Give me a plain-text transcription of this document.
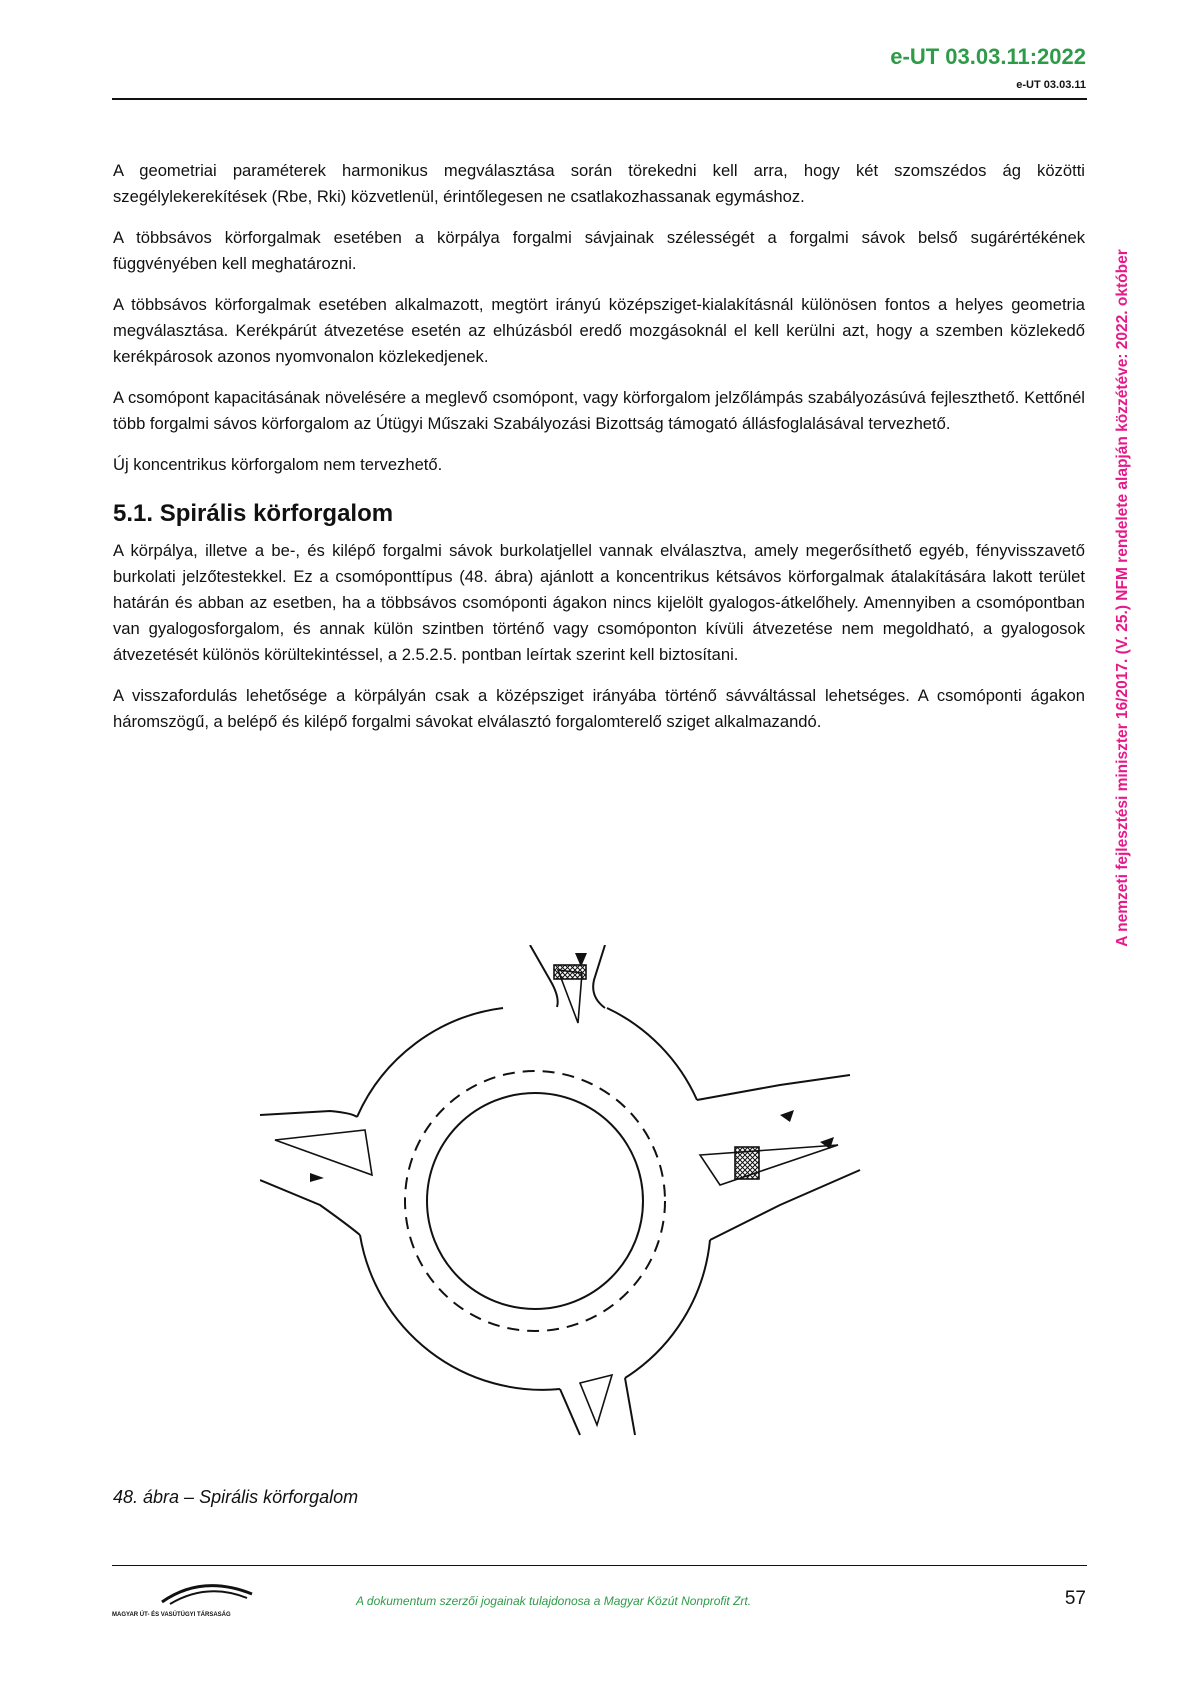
e-UT 03.03.11:2022
e-UT 03.03.11
A nemzeti fejlesztési miniszter 16/2017. (V. 25.) NFM rendelete alapján közzétéve: 2022. október

A geometriai paraméterek harmonikus megválasztása során törekedni kell arra, hogy két szomszédos ág közötti szegélylekerekítések (Rbe, Rki) közvetlenül, érintőlegesen ne csatlakozhassanak egymáshoz.

A többsávos körforgalmak esetében a körpálya forgalmi sávjainak szélességét a forgalmi sávok belső sugárértékének függvényében kell meghatározni.

A többsávos körforgalmak esetében alkalmazott, megtört irányú középsziget-kialakításnál különösen fontos a helyes geometria megválasztása. Kerékpárút átvezetése esetén az elhúzásból eredő mozgásoknál el kell kerülni azt, hogy a szemben közlekedő kerékpárosok azonos nyomvonalon közlekedjenek.

A csomópont kapacitásának növelésére a meglevő csomópont, vagy körforgalom jelzőlámpás szabályozásúvá fejleszthető. Kettőnél több forgalmi sávos körforgalom az Útügyi Műszaki Szabályozási Bizottság támogató állásfoglalásával tervezhető.

Új koncentrikus körforgalom nem tervezhető.

5.1. Spirális körforgalom

A körpálya, illetve a be-, és kilépő forgalmi sávok burkolatjellel vannak elválasztva, amely megerősíthető egyéb, fényvisszavető burkolati jelzőtestekkel. Ez a csomóponttípus (48. ábra) ajánlott a koncentrikus kétsávos körforgalmak átalakítására lakott terület határán és abban az esetben, ha a többsávos csomóponti ágakon nincs kijelölt gyalogos-átkelőhely. Amennyiben a csomópontban van gyalogosforgalom, és annak külön szintben történő vagy csomóponton kívüli átvezetése nem megoldható, a gyalogosok átvezetését különös körültekintéssel, a 2.5.2.5. pontban leírtak szerint kell biztosítani.

A visszafordulás lehetősége a körpályán csak a középsziget irányába történő sávváltással lehetséges. A csomóponti ágakon háromszögű, a belépő és kilépő forgalmi sávokat elválasztó forgalomterelő sziget alkalmazandó.

48. ábra – Spirális körforgalom
MAGYAR ÚT- ÉS VASÚTÜGYI TÁRSASÁG
A dokumentum szerzői jogainak tulajdonosa a Magyar Közút Nonprofit Zrt.	57
